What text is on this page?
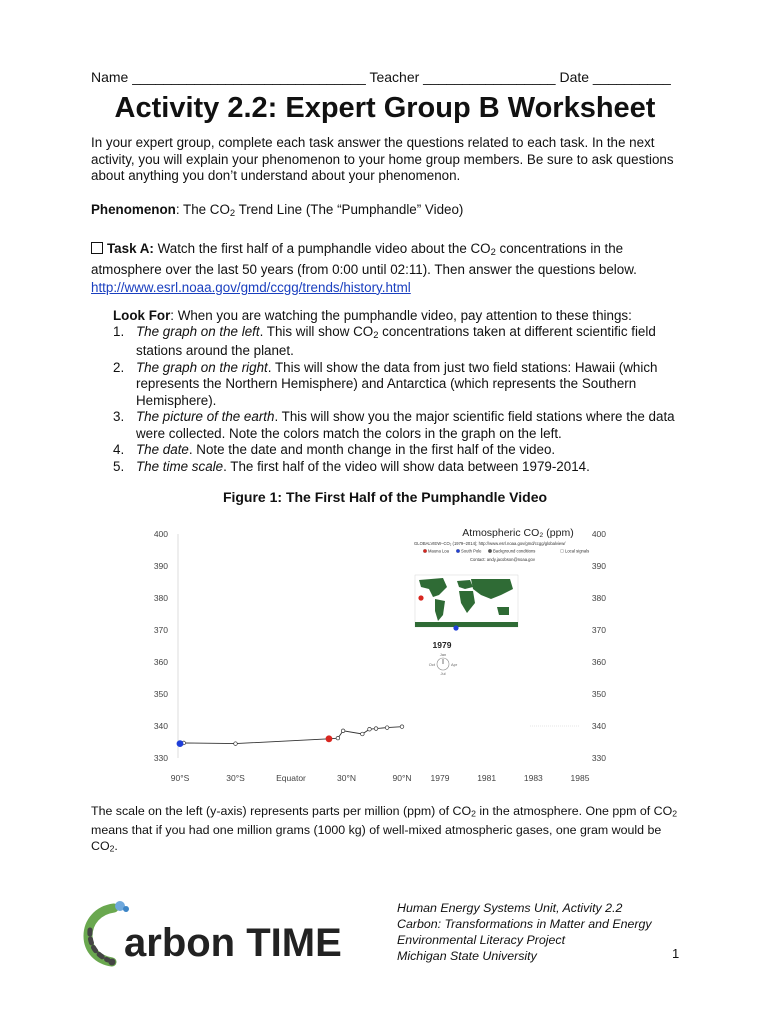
Name ______________________________ Teacher _________________ Date __________
Activity 2.2: Expert Group B Worksheet
In your expert group, complete each task answer the questions related to each task. In the next activity, you will explain your phenomenon to your home group members. Be sure to ask questions about anything you don’t understand about your phenomenon.
Phenomenon: The $CO_2$ Trend Line (The “Pumphandle” Video)
Task A: Watch the first half of a pumphandle video about the $CO_2$ concentrations in the atmosphere over the last 50 years (from 0:00 until 02:11). Then answer the questions below.
http://www.esrl.noaa.gov/gmd/ccgg/trends/history.html
Look For: When you are watching the pumphandle video, pay attention to these things:
1. The graph on the left. This will show $CO_2$ concentrations taken at different scientific field stations around the planet.
2. The graph on the right. This will show the data from just two field stations: Hawaii (which represents the Northern Hemisphere) and Antarctica (which represents the Southern Hemisphere).
3. The picture of the earth. This will show you the major scientific field stations where the data were collected. Note the colors match the colors in the graph on the left.
4. The date. Note the date and month change in the first half of the video.
5. The time scale. The first half of the video will show data between 1979-2014.
Figure 1: The First Half of the Pumphandle Video
400
390
380
370
360
350
340
330
90°S	30°S	Equator	30°N	90°N
Atmospheric CO₂ (ppm)
GLOBALVIEW–CO₂ (1979–2014); http://www.esrl.noaa.gov/gmd/ccgg/globalview/
Mauna Loa	South Pole	Background conditions	Local signals
Contact: andy.jacobson@noaa.gov
1979
Jan
Oct	Apr
Jul
400
390
380
370
360
350
340
330
1979	1981	1983	1985
The scale on the left (y-axis) represents parts per million (ppm) of $CO_2$ in the atmosphere. One ppm of $CO_2$ means that if you had one million grams (1000 kg) of well-mixed atmospheric gases, one gram would be $CO_2$.
arbon TIME
Human Energy Systems Unit, Activity 2.2
Carbon: Transformations in Matter and Energy
Environmental Literacy Project
Michigan State University	1
